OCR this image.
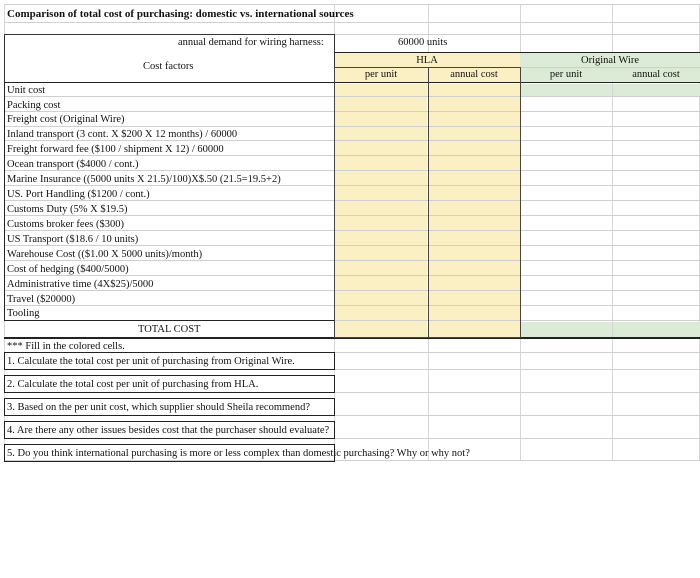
Comparison of total cost of purchasing: domestic vs. international sources
annual demand for wiring harness:	60000 units
Cost factors
HLA	Original Wire
per unit	annual cost	per unit	annual cost
Unit cost
Packing cost
Freight cost (Original Wire)
Inland transport (3 cont. X $200 X 12 months) / 60000
Freight forward fee ($100 / shipment X 12) / 60000
Ocean transport ($4000 / cont.)
Marine Insurance ((5000 units X 21.5)/100)X$.50 (21.5=19.5+2)
US. Port Handling ($1200 / cont.)
Customs Duty (5% X $19.5)
Customs broker fees ($300)
US Transport ($18.6 / 10 units)
Warehouse Cost (($1.00 X 5000 units)/month)
Cost of hedging ($400/5000)
Administrative time (4X$25)/5000
Travel ($20000)
Tooling
TOTAL COST
*** Fill in the colored cells.
1. Calculate the total cost per unit of purchasing from Original Wire.
2. Calculate the total cost per unit of purchasing from HLA.
3. Based on the per unit cost, which supplier should Sheila recommend?
4. Are there any other issues besides cost that the purchaser should evaluate?
5. Do you think international purchasing is more or less complex than domestic purchasing? Why or why not?
